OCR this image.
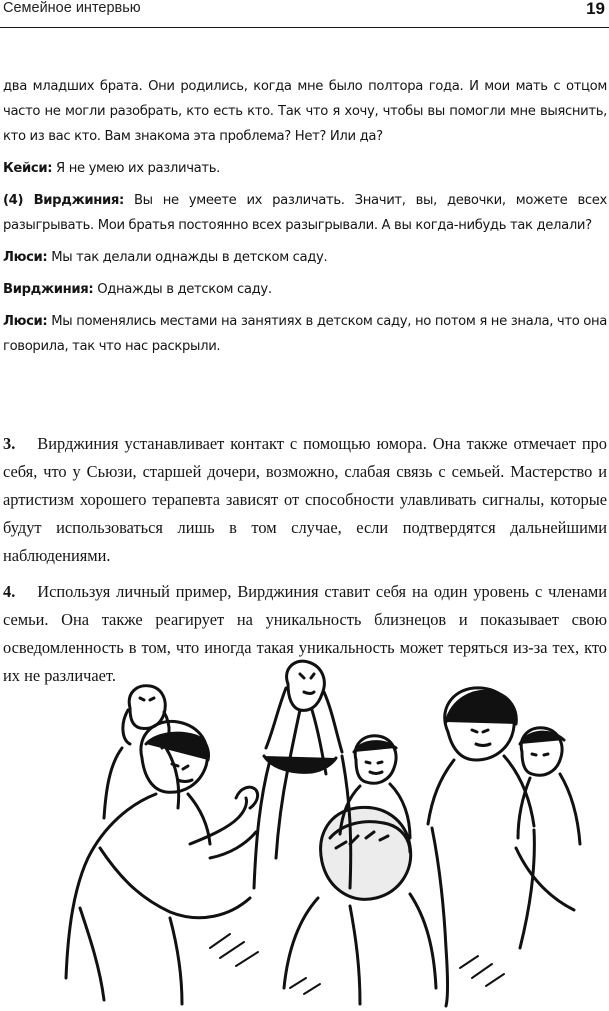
Семейное интервью	19

два младших брата. Они родились, когда мне было полтора года. И мои мать с отцом часто не могли разобрать, кто есть кто. Так что я хочу, чтобы вы помогли мне выяснить, кто из вас кто. Вам знакома эта проблема? Нет? Или да?

Кейси: Я не умею их различать.

(4) Вирджиния: Вы не умеете их различать. Значит, вы, девочки, можете всех разыгрывать. Мои братья постоянно всех разыгрывали. А вы когда-нибудь так делали?

Люси: Мы так делали однажды в детском саду.

Вирджиния: Однажды в детском саду.

Люси: Мы поменялись местами на занятиях в детском саду, но потом я не знала, что она говорила, так что нас раскрыли.

3. Вирджиния устанавливает контакт с помощью юмора. Она также отмечает про себя, что у Сьюзи, старшей дочери, возможно, слабая связь с семьей. Мастерство и артистизм хорошего терапевта зависят от способности улавливать сигналы, которые будут использоваться лишь в том случае, если подтвердятся дальнейшими наблюдениями.

4. Используя личный пример, Вирджиния ставит себя на один уровень с членами семьи. Она также реагирует на уникальность близнецов и показывает свою осведомленность в том, что иногда такая уникальность может теряться из-за тех, кто их не различает.
